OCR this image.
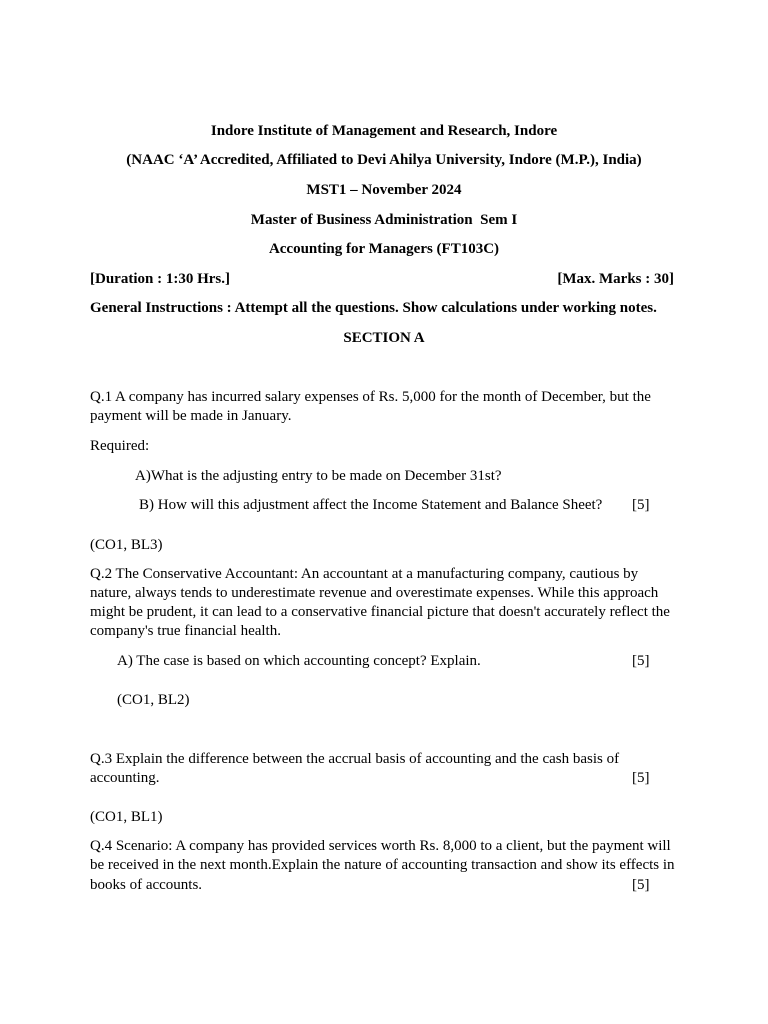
Indore Institute of Management and Research, Indore
(NAAC ‘A’ Accredited, Affiliated to Devi Ahilya University, Indore (M.P.), India)
MST1 – November 2024
Master of Business Administration  Sem I
Accounting for Managers (FT103C)
[Duration : 1:30 Hrs.]	[Max. Marks : 30]
General Instructions : Attempt all the questions. Show calculations under working notes.
SECTION A
Q.1 A company has incurred salary expenses of Rs. 5,000 for the month of December, but the
payment will be made in January.
Required:
A)What is the adjusting entry to be made on December 31st?
B) How will this adjustment affect the Income Statement and Balance Sheet? [5]
(CO1, BL3)
Q.2 The Conservative Accountant: An accountant at a manufacturing company, cautious by nature, always tends to underestimate revenue and overestimate expenses. While this approach might be prudent, it can lead to a conservative financial picture that doesn't accurately reflect the company's true financial health.
A) The case is based on which accounting concept? Explain.	[5]
(CO1, BL2)
Q.3 Explain the difference between the accrual basis of accounting and the cash basis of
accounting.	[5]
(CO1, BL1)
Q.4 Scenario: A company has provided services worth Rs. 8,000 to a client, but the payment will
be received in the next month.Explain the nature of accounting transaction and show its effects in
books of accounts.	[5]
